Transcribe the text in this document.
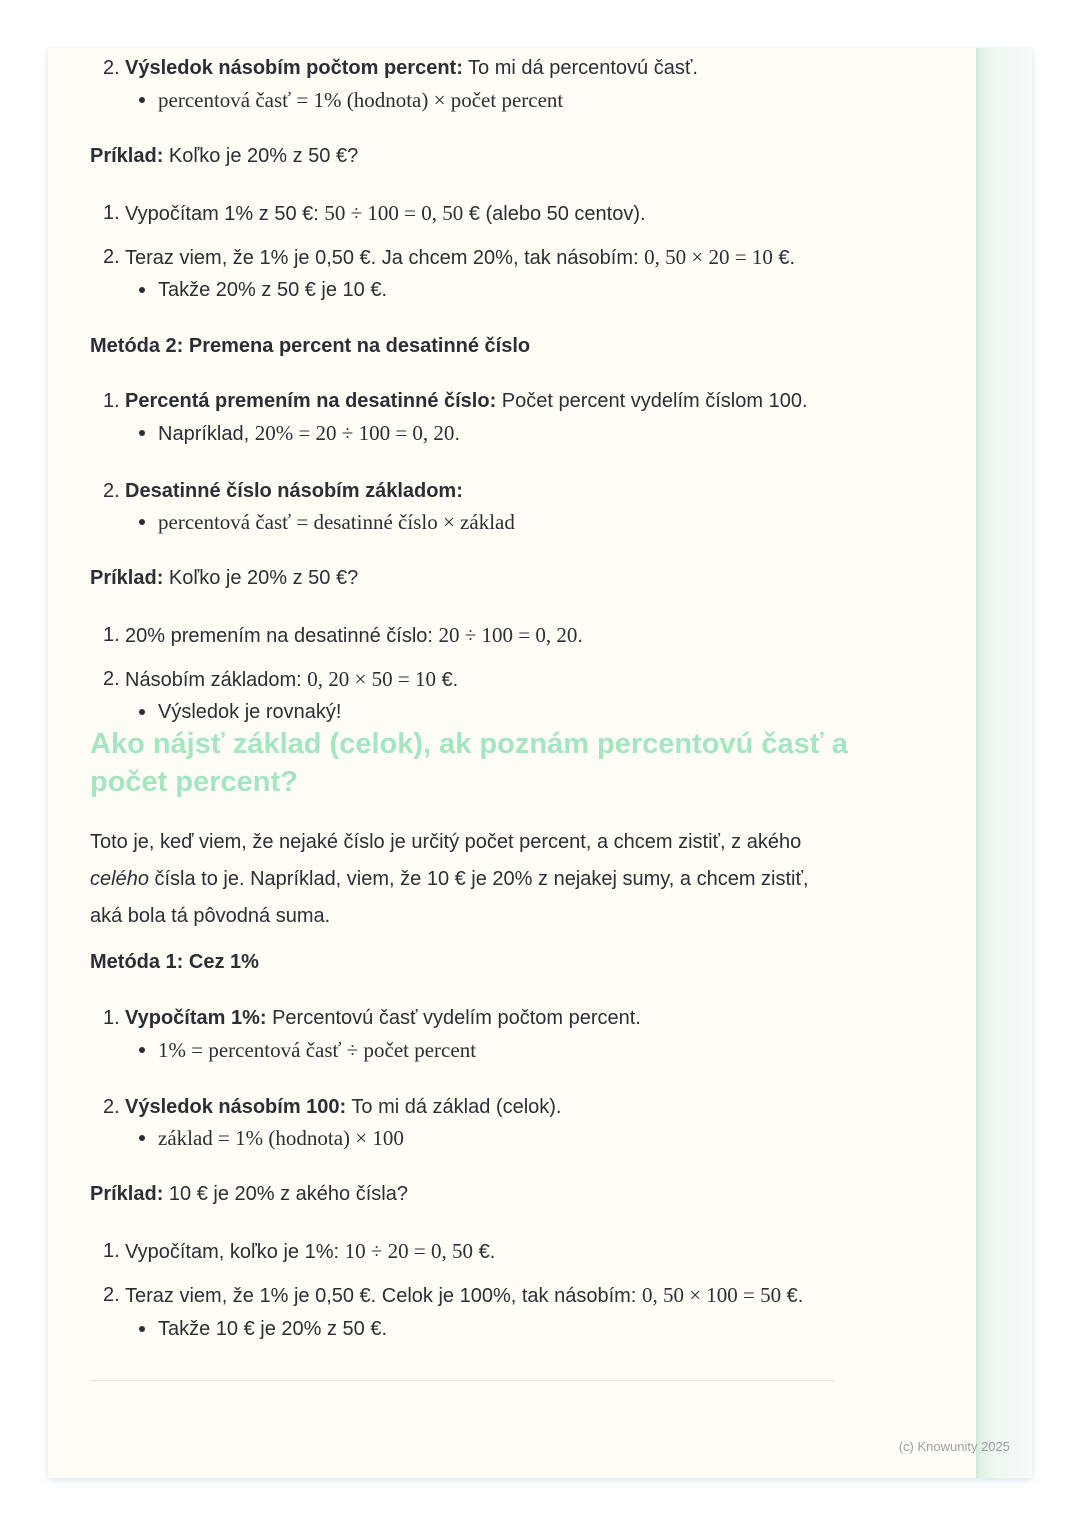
2. Výsledok násobím počtom percent: To mi dá percentovú časť.
percentová časť = 1% (hodnota) × počet percent

Príklad: Koľko je 20% z 50 €?

1. Vypočítam 1% z 50 €: 50 ÷ 100 = 0, 50 € (alebo 50 centov).
2. Teraz viem, že 1% je 0,50 €. Ja chcem 20%, tak násobím: 0, 50 × 20 = 10 €.
Takže 20% z 50 € je 10 €.

Metóda 2: Premena percent na desatinné číslo

1. Percentá premením na desatinné číslo: Počet percent vydelím číslom 100.
Napríklad, 20% = 20 ÷ 100 = 0, 20.
2. Desatinné číslo násobím základom:
percentová časť = desatinné číslo × základ

Príklad: Koľko je 20% z 50 €?

1. 20% premením na desatinné číslo: 20 ÷ 100 = 0, 20.
2. Násobím základom: 0, 20 × 50 = 10 €.
Výsledok je rovnaký!
Ako nájsť základ (celok), ak poznám percentovú časť a počet percent?

Toto je, keď viem, že nejaké číslo je určitý počet percent, a chcem zistiť, z akého celého čísla to je. Napríklad, viem, že 10 € je 20% z nejakej sumy, a chcem zistiť, aká bola tá pôvodná suma.

Metóda 1: Cez 1%

1. Vypočítam 1%: Percentovú časť vydelím počtom percent.
1% = percentová časť ÷ počet percent
2. Výsledok násobím 100: To mi dá základ (celok).
základ = 1% (hodnota) × 100

Príklad: 10 € je 20% z akého čísla?

1. Vypočítam, koľko je 1%: 10 ÷ 20 = 0, 50 €.
2. Teraz viem, že 1% je 0,50 €. Celok je 100%, tak násobím: 0, 50 × 100 = 50 €.
Takže 10 € je 20% z 50 €.
(c) Knowunity 2025
